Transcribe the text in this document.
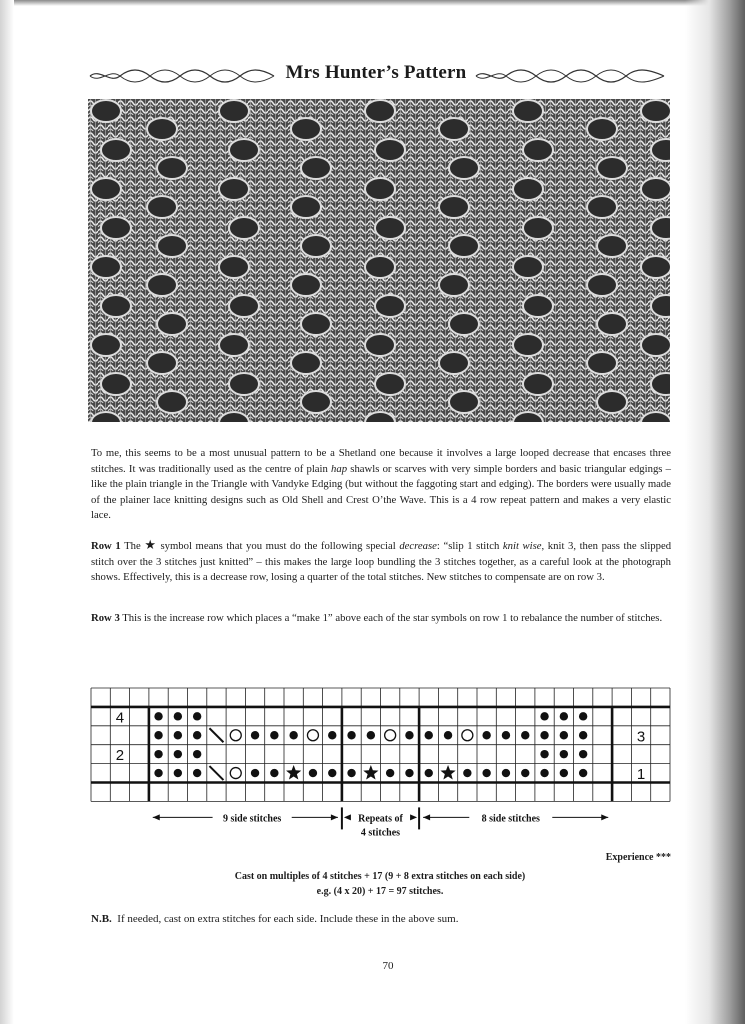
Mrs Hunter’s Pattern

To me, this seems to be a most unusual pattern to be a Shetland one because it involves a large looped decrease that encases three stitches. It was traditionally used as the centre of plain hap shawls or scarves with very simple borders and basic triangular edgings – like the plain triangle in the Triangle with Vandyke Edging (but without the faggoting start and edging). The borders were usually made of the plainer lace knitting designs such as Old Shell and Crest O’the Wave. This is a 4 row repeat pattern and makes a very elastic lace.

Row 1 The ★ symbol means that you must do the following special decrease: “slip 1 stitch knit wise, knit 3, then pass the slipped stitch over the 3 stitches just knitted” – this makes the large loop bundling the 3 stitches together, as a careful look at the photograph shows. Effectively, this is a decrease row, losing a quarter of the total stitches. New stitches to compensate are on row 3.

Row 3 This is the increase row which places a “make 1” above each of the star symbols on row 1 to rebalance the number of stitches.

4
2
3
1
9 side stitches	Repeats of
4 stitches
8 side stitches
Experience ***
Cast on multiples of 4 stitches + 17 (9 + 8 extra stitches on each side)
e.g. (4 x 20) + 17 = 97 stitches.
N.B. If needed, cast on extra stitches for each side. Include these in the above sum.
70
